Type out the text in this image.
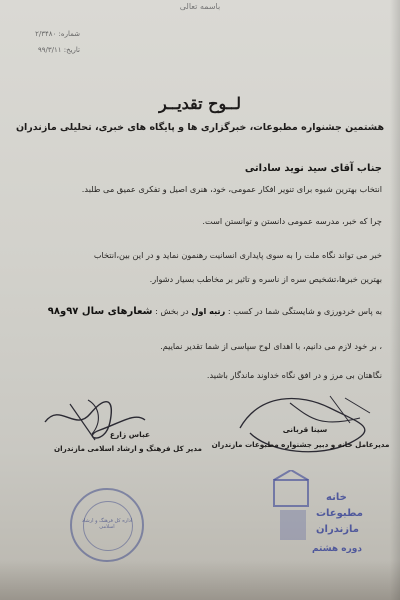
باسمه تعالی
شماره: ۲/۳۴۸۰
تاریخ: ۹۹/۳/۱۱
لــوح تقدیــر
هشتمین جشنواره مطبوعات، خبرگزاری ها و پایگاه های خبری، تحلیلی مازندران
جناب آقای سید نوید ساداتی
انتخاب بهترین شیوه برای تنویر افکار عمومی، خود، هنری اصیل و تفکری عمیق می طلبد.
چرا که خبر، مدرسه عمومی دانستن و توانستن است.
خبر می تواند نگاه ملت را به سوی پایداری انسانیت رهنمون نماید و در این بین،انتخاب
بهترین خبرها،تشخیص سره از ناسره و تاثیر بر مخاطب بسیار دشوار.
به پاس خردورزی و شایستگی شما در کسب : رتبه اول در بخش : شعارهای سال ۹۷و۹۸
، بر خود لازم می دانیم، با اهدای لوح سپاسی از شما تقدیر نماییم.
نگاهتان بی مرز و در افق نگاه خداوند ماندگار باشید.
عباس زارع
مدیر کل فرهنگ و ارشاد اسلامی مازندران
اداره کل فرهنگ و ارشاد اسلامی
سینا قربانی
مدیرعامل خانه و دبیر جشنواره مطبوعات مازندران
خانه
مطبوعات
مازندران
دوره هشتم
